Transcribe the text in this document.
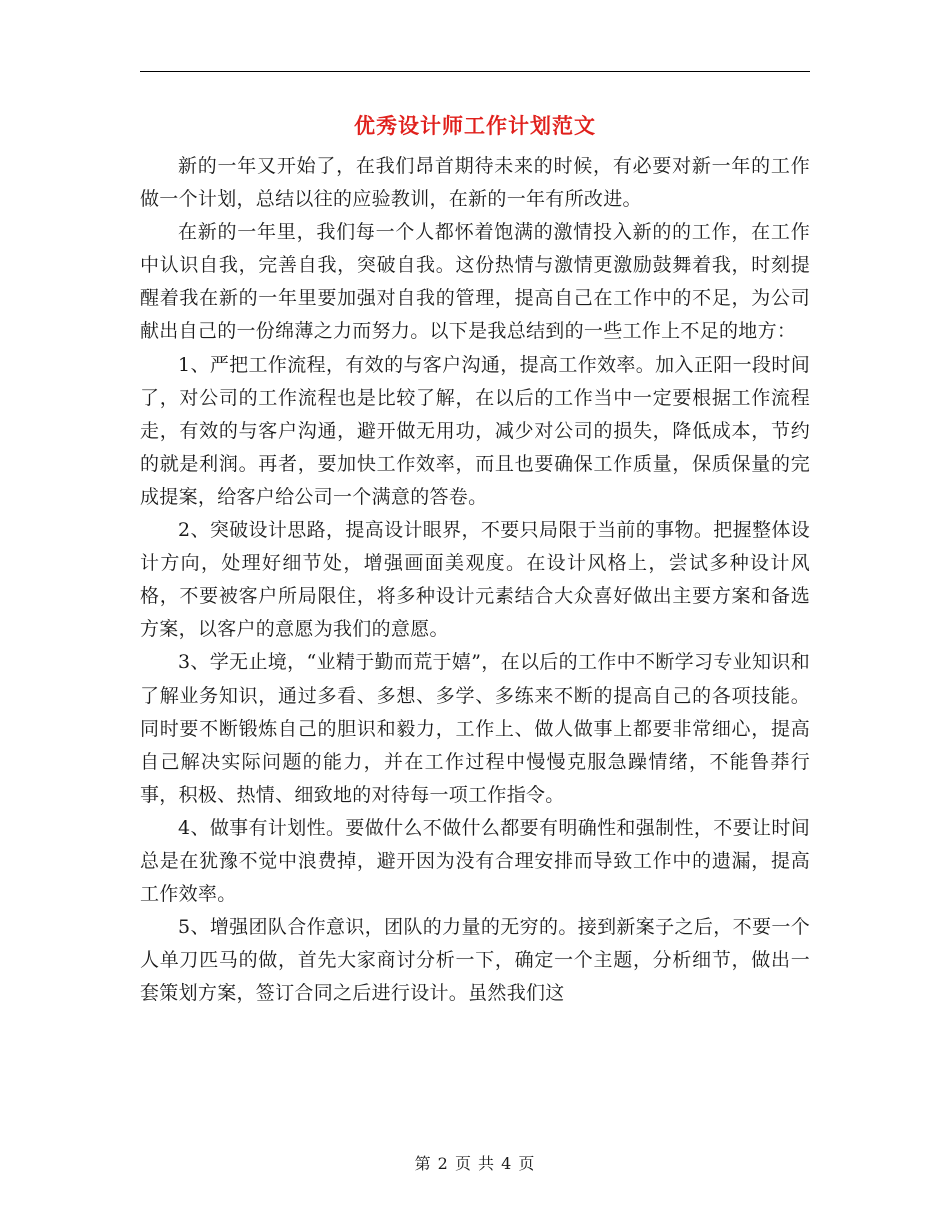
优秀设计师工作计划范文

新的一年又开始了，在我们昂首期待未来的时候，有必要对新一年的工作做一个计划，总结以往的应验教训，在新的一年有所改进。

在新的一年里，我们每一个人都怀着饱满的激情投入新的的工作，在工作中认识自我，完善自我，突破自我。这份热情与激情更激励鼓舞着我，时刻提醒着我在新的一年里要加强对自我的管理，提高自己在工作中的不足，为公司献出自己的一份绵薄之力而努力。以下是我总结到的一些工作上不足的地方：

1、严把工作流程，有效的与客户沟通，提高工作效率。加入正阳一段时间了，对公司的工作流程也是比较了解，在以后的工作当中一定要根据工作流程走，有效的与客户沟通，避开做无用功，减少对公司的损失，降低成本，节约的就是利润。再者，要加快工作效率，而且也要确保工作质量，保质保量的完成提案，给客户给公司一个满意的答卷。

2、突破设计思路，提高设计眼界，不要只局限于当前的事物。把握整体设计方向，处理好细节处，增强画面美观度。在设计风格上，尝试多种设计风格，不要被客户所局限住，将多种设计元素结合大众喜好做出主要方案和备选方案，以客户的意愿为我们的意愿。

3、学无止境，“业精于勤而荒于嬉”，在以后的工作中不断学习专业知识和了解业务知识，通过多看、多想、多学、多练来不断的提高自己的各项技能。同时要不断锻炼自己的胆识和毅力，工作上、做人做事上都要非常细心，提高自己解决实际问题的能力，并在工作过程中慢慢克服急躁情绪，不能鲁莽行事，积极、热情、细致地的对待每一项工作指令。

4、做事有计划性。要做什么不做什么都要有明确性和强制性，不要让时间总是在犹豫不觉中浪费掉，避开因为没有合理安排而导致工作中的遗漏，提高工作效率。

5、增强团队合作意识，团队的力量的无穷的。接到新案子之后，不要一个人单刀匹马的做，首先大家商讨分析一下，确定一个主题，分析细节，做出一套策划方案，签订合同之后进行设计。虽然我们这

第 2 页 共 4 页
